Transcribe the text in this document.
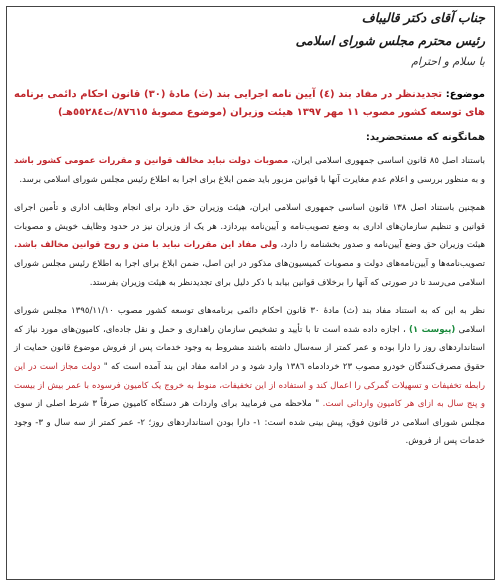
جناب آقای دکتر قالیباف
رئیس محترم مجلس شورای اسلامی
با سلام و احترام
موضوع: تجدیدنظر در مفاد بند (٤) آیین نامه اجرایی بند (ث) مادۀ (٣٠) قانون احکام دائمی برنامه های توسعه کشور مصوب ١١ مهر ١٣٩٧ هیئت وزیران (موضوع مصوبۀ ٨٧٦١٥/ت٥٥٢٨٤هـ)
همانگونه که مستحضرید:

باستناد اصل ٨٥ قانون اساسی جمهوری اسلامی ایران، مصوبات دولت نباید مخالف قوانین و مقررات عمومی کشور باشد و به منظور بررسی و اعلام عدم مغایرت آنها با قوانین مزبور باید ضمن ابلاغ برای اجرا به اطلاع رئیس مجلس شورای اسلامی برسد.

همچنین باستناد اصل ١٣٨ قانون اساسی جمهوری اسلامی ایران، هیئت وزیران حق دارد برای انجام وظایف اداری و تأمین اجرای قوانین و تنظیم سازمان‌های اداری به وضع تصویب‌نامه و آیین‌نامه بپردازد. هر یک از وزیران نیز در حدود وظایف خویش و مصوبات هیئت وزیران حق وضع آیین‌نامه و صدور بخشنامه را دارد، ولی مفاد این مقررات نباید با متن و روح قوانین مخالف باشد. تصویب‌نامه‌ها و آیین‌نامه‌های دولت و مصوبات کمیسیون‌های مذکور در این اصل، ضمن ابلاغ برای اجرا به اطلاع رئیس مجلس شورای اسلامی می‌رسد تا در صورتی که آنها را برخلاف قوانین بیابد با ذکر دلیل برای تجدیدنظر به هیئت وزیران بفرستد.

نظر به این که به استناد مفاد بند (ث) مادۀ ٣٠ قانون احکام دائمی برنامه‌های توسعه کشور مصوب ١٣٩٥/١١/١٠ مجلس شورای اسلامی (پیوست ١) ، اجازه داده شده است تا با تأیید و تشخیص سازمان راهداری و حمل و نقل جاده‌ای، کامیون‌های مورد نیاز که استانداردهای روز را دارا بوده و عمر کمتر از سه‌سال داشته باشند مشروط به وجود خدمات پس از فروش موضوع قانون حمایت از حقوق مصرف‌کنندگان خودرو مصوب ٢٣ خرداد‌ماه ١٣٨٦ وارد شود و در ادامه مفاد این بند آمده است که " دولت مجاز است در این رابطه تخفیفات و تسهیلات گمرکی را اعمال کند و استفاده از این تخفیفات، منوط به خروج یک کامیون فرسوده با عمر بیش از بیست و پنج سال به ازای هر کامیون وارداتی است. " ملاحظه می فرمایید برای واردات هر دستگاه کامیون صرفاً ٣ شرط اصلی از سوی مجلس شورای اسلامی در قانون فوق، پیش بینی شده است: ١- دارا بودن استانداردهای روز؛ ٢- عمر کمتر از سه سال و ٣- وجود خدمات پس از فروش.
